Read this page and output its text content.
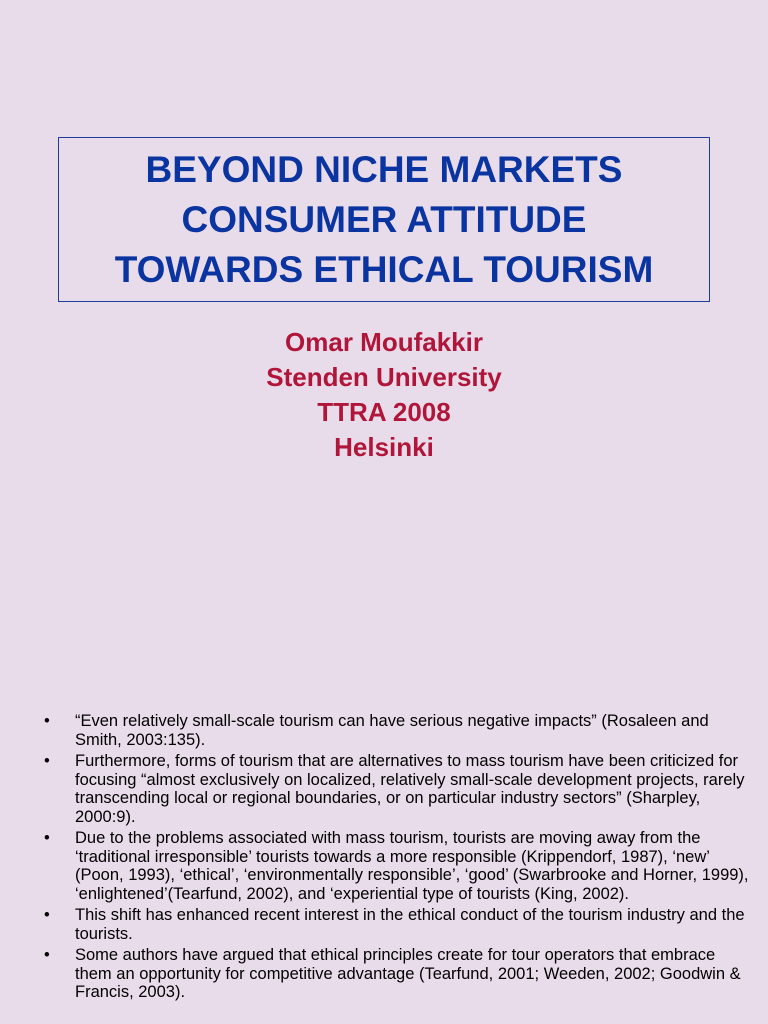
BEYOND NICHE MARKETS
CONSUMER ATTITUDE
TOWARDS ETHICAL TOURISM
Omar Moufakkir
Stenden University
TTRA 2008
Helsinki
• “Even relatively small-scale tourism can have serious negative impacts” (Rosaleen and Smith, 2003:135).
• Furthermore, forms of tourism that are alternatives to mass tourism have been criticized for focusing “almost exclusively on localized, relatively small-scale development projects, rarely transcending local or regional boundaries, or on particular industry sectors” (Sharpley, 2000:9).
• Due to the problems associated with mass tourism, tourists are moving away from the ‘traditional irresponsible’ tourists towards a more responsible (Krippendorf, 1987), ‘new’ (Poon, 1993), ‘ethical’, ‘environmentally responsible’, ‘good’ (Swarbrooke and Horner, 1999), ‘enlightened’(Tearfund, 2002), and ‘experiential type of tourists (King, 2002).
• This shift has enhanced recent interest in the ethical conduct of the tourism industry and the tourists.
• Some authors have argued that ethical principles create for tour operators that embrace them an opportunity for competitive advantage (Tearfund, 2001; Weeden, 2002; Goodwin & Francis, 2003).
